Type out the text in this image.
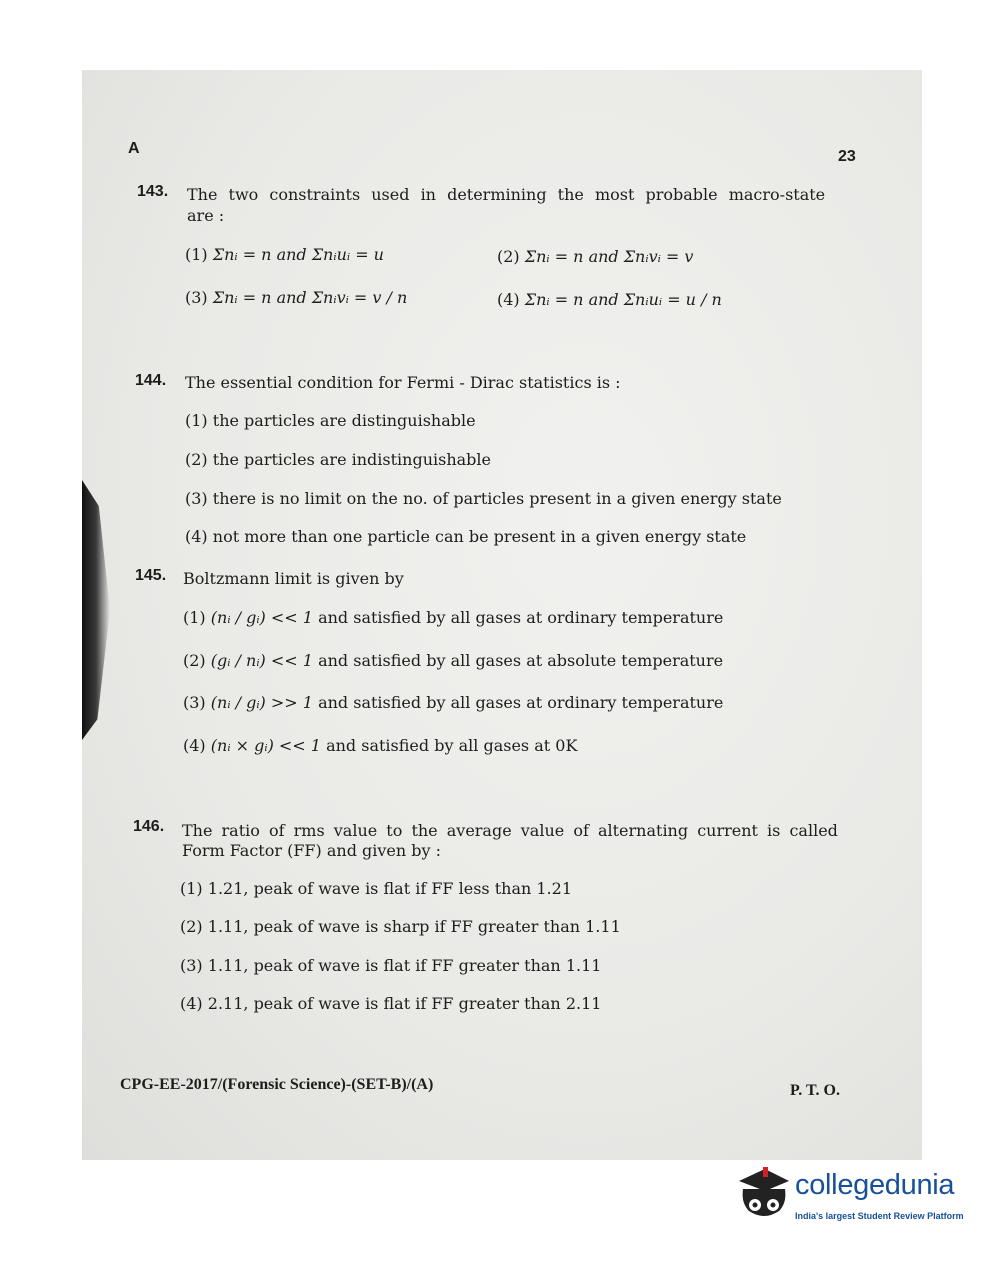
A	23
143. The two constraints used in determining the most probable macro-state
are :
(1) Σnᵢ = n and Σnᵢuᵢ = u	(2) Σnᵢ = n and Σnᵢvᵢ = v
(3) Σnᵢ = n and Σnᵢvᵢ = v / n	(4) Σnᵢ = n and Σnᵢuᵢ = u / n
144. The essential condition for Fermi - Dirac statistics is :
(1) the particles are distinguishable
(2) the particles are indistinguishable
(3) there is no limit on the no. of particles present in a given energy state
(4) not more than one particle can be present in a given energy state
145. Boltzmann limit is given by
(1) (nᵢ / gᵢ) << 1 and satisfied by all gases at ordinary temperature
(2) (gᵢ / nᵢ) << 1 and satisfied by all gases at absolute temperature
(3) (nᵢ / gᵢ) >> 1 and satisfied by all gases at ordinary temperature
(4) (nᵢ × gᵢ) << 1 and satisfied by all gases at 0K
146. The ratio of rms value to the average value of alternating current is called
Form Factor (FF) and given by :
(1) 1.21, peak of wave is flat if FF less than 1.21
(2) 1.11, peak of wave is sharp if FF greater than 1.11
(3) 1.11, peak of wave is flat if FF greater than 1.11
(4) 2.11, peak of wave is flat if FF greater than 2.11
CPG-EE-2017/(Forensic Science)-(SET-B)/(A)	P. T. O.
collegedunia
India's largest Student Review Platform
